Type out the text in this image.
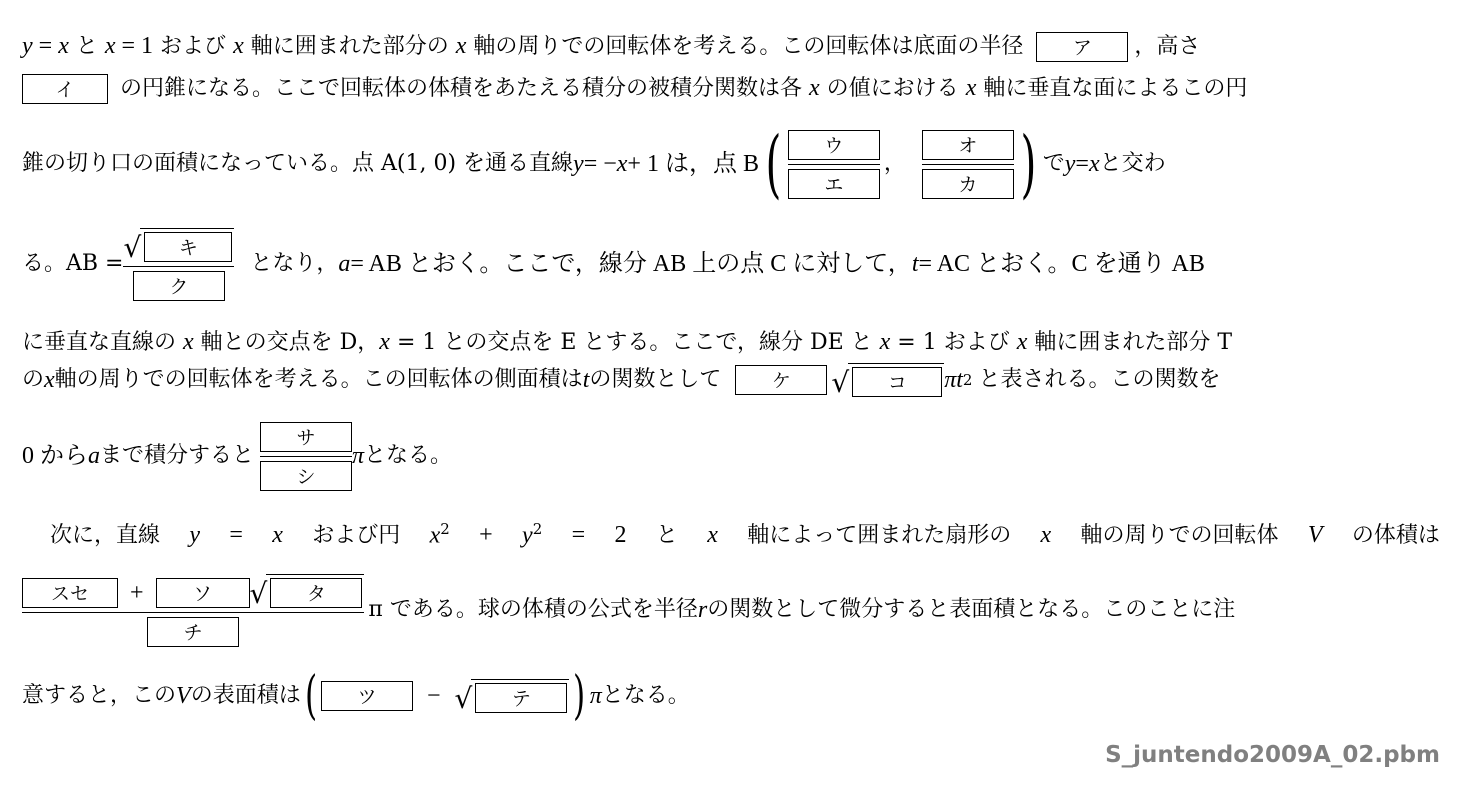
y = x と x = 1 および x 軸に囲まれた部分の x 軸の周りでの回転体を考える。この回転体は底面の半径	ア ，高さ
イ の円錐になる。ここで回転体の体積をあたえる積分の被積分関数は各 x の値における x 軸に垂直な面によるこの円
錐の切り口の面積になっている。点 A(1, 0) を通る直線 y = − x + 1 は，点 B ( $\frac{\text{ウ}}{\text{エ}}$ ， $\frac{\text{オ}}{\text{カ}}$ ) で y = x と交わ
る。AB = √	キ
ク となり， a = AB とおく。ここで，線分 AB 上の点 C に対して， t = AC とおく。C を通り AB
に垂直な直線の x 軸との交点を D，x = 1 との交点を E とする。ここで，線分 DE と x = 1 および x 軸に囲まれた部分 T
の x 軸の周りでの回転体を考える。この回転体の側面積は t の関数として	ケ	√	コ	π t 2 と表される。この関数を
0 から a まで積分すると $\frac{\text{サ}}{\text{シ}}$ π となる。
次に，直線 y = x および円 $x^2 + y^2 = 2$ と x 軸によって囲まれた扇形の x 軸の周りでの回転体 V の体積は
スセ	+	ソ	√	タ
チ π である。球の体積の公式を半径 r の関数として微分すると表面積となる。このことに注
意すると，この V の表面積は (	ツ	− √	テ ) π となる。
S_juntendo2009A_02.pbm
